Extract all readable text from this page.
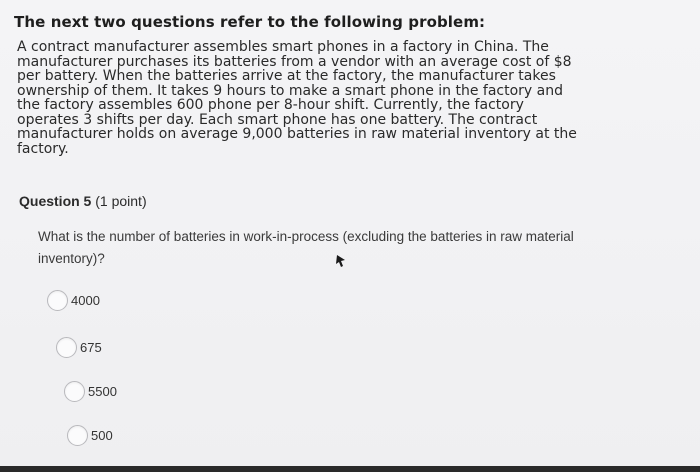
The next two questions refer to the following problem:
A contract manufacturer assembles smart phones in a factory in China. The
manufacturer purchases its batteries from a vendor with an average cost of $8
per battery. When the batteries arrive at the factory, the manufacturer takes
ownership of them. It takes 9 hours to make a smart phone in the factory and
the factory assembles 600 phone per 8-hour shift. Currently, the factory
operates 3 shifts per day. Each smart phone has one battery. The contract
manufacturer holds on average 9,000 batteries in raw material inventory at the
factory.
Question 5 (1 point)
What is the number of batteries in work-in-process (excluding the batteries in raw material inventory)?
4000
675
5500
500
